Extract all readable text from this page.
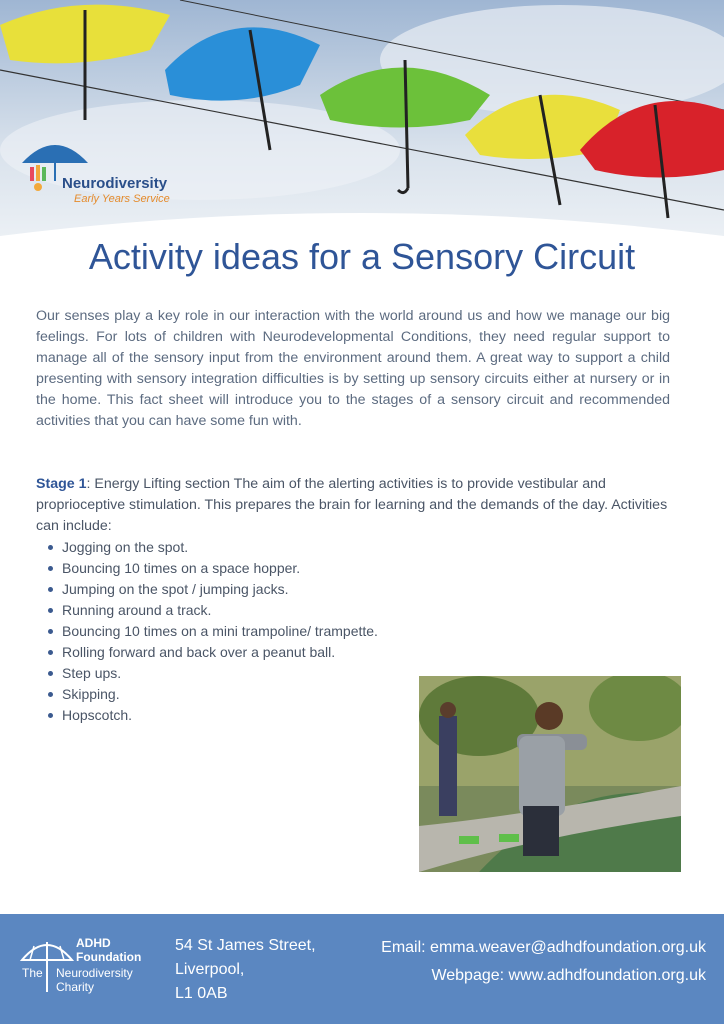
Neurodiversity
Early Years Service
Activity ideas for a Sensory Circuit
Our senses play a key role in our interaction with the world around us and how we manage our big feelings. For lots of children with Neurodevelopmental Conditions, they need regular support to manage all of the sensory input from the environment around them. A great way to support a child presenting with sensory integration difficulties is by setting up sensory circuits either at nursery or in the home. This fact sheet will introduce you to the stages of a sensory circuit and recommended activities that you can have some fun with.
Stage 1: Energy Lifting section The aim of the alerting activities is to provide vestibular and proprioceptive stimulation. This prepares the brain for learning and the demands of the day. Activities can include:
Jogging on the spot.
Bouncing 10 times on a space hopper.
Jumping on the spot / jumping jacks.
Running around a track.
Bouncing 10 times on a mini trampoline/ trampette.
Rolling forward and back over a peanut ball.
Step ups.
Skipping.
Hopscotch.
ADHD
Foundation
The Neurodiversity
Charity
54 St James Street,
Liverpool,
L1 0AB
Email: emma.weaver@adhdfoundation.org.uk
Webpage: www.adhdfoundation.org.uk
